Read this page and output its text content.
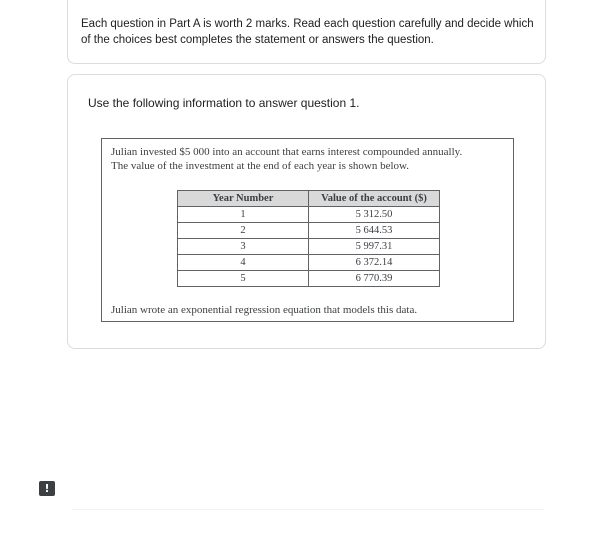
Each question in Part A is worth 2 marks. Read each question carefully and decide which of the choices best completes the statement or answers the question.

Use the following information to answer question 1.

Julian invested $5 000 into an account that earns interest compounded annually.
The value of the investment at the end of each year is shown below.

Year Number	Value of the account ($)
1	5 312.50
2	5 644.53
3	5 997.31
4	6 372.14
5	6 770.39

Julian wrote an exponential regression equation that models this data.

!
